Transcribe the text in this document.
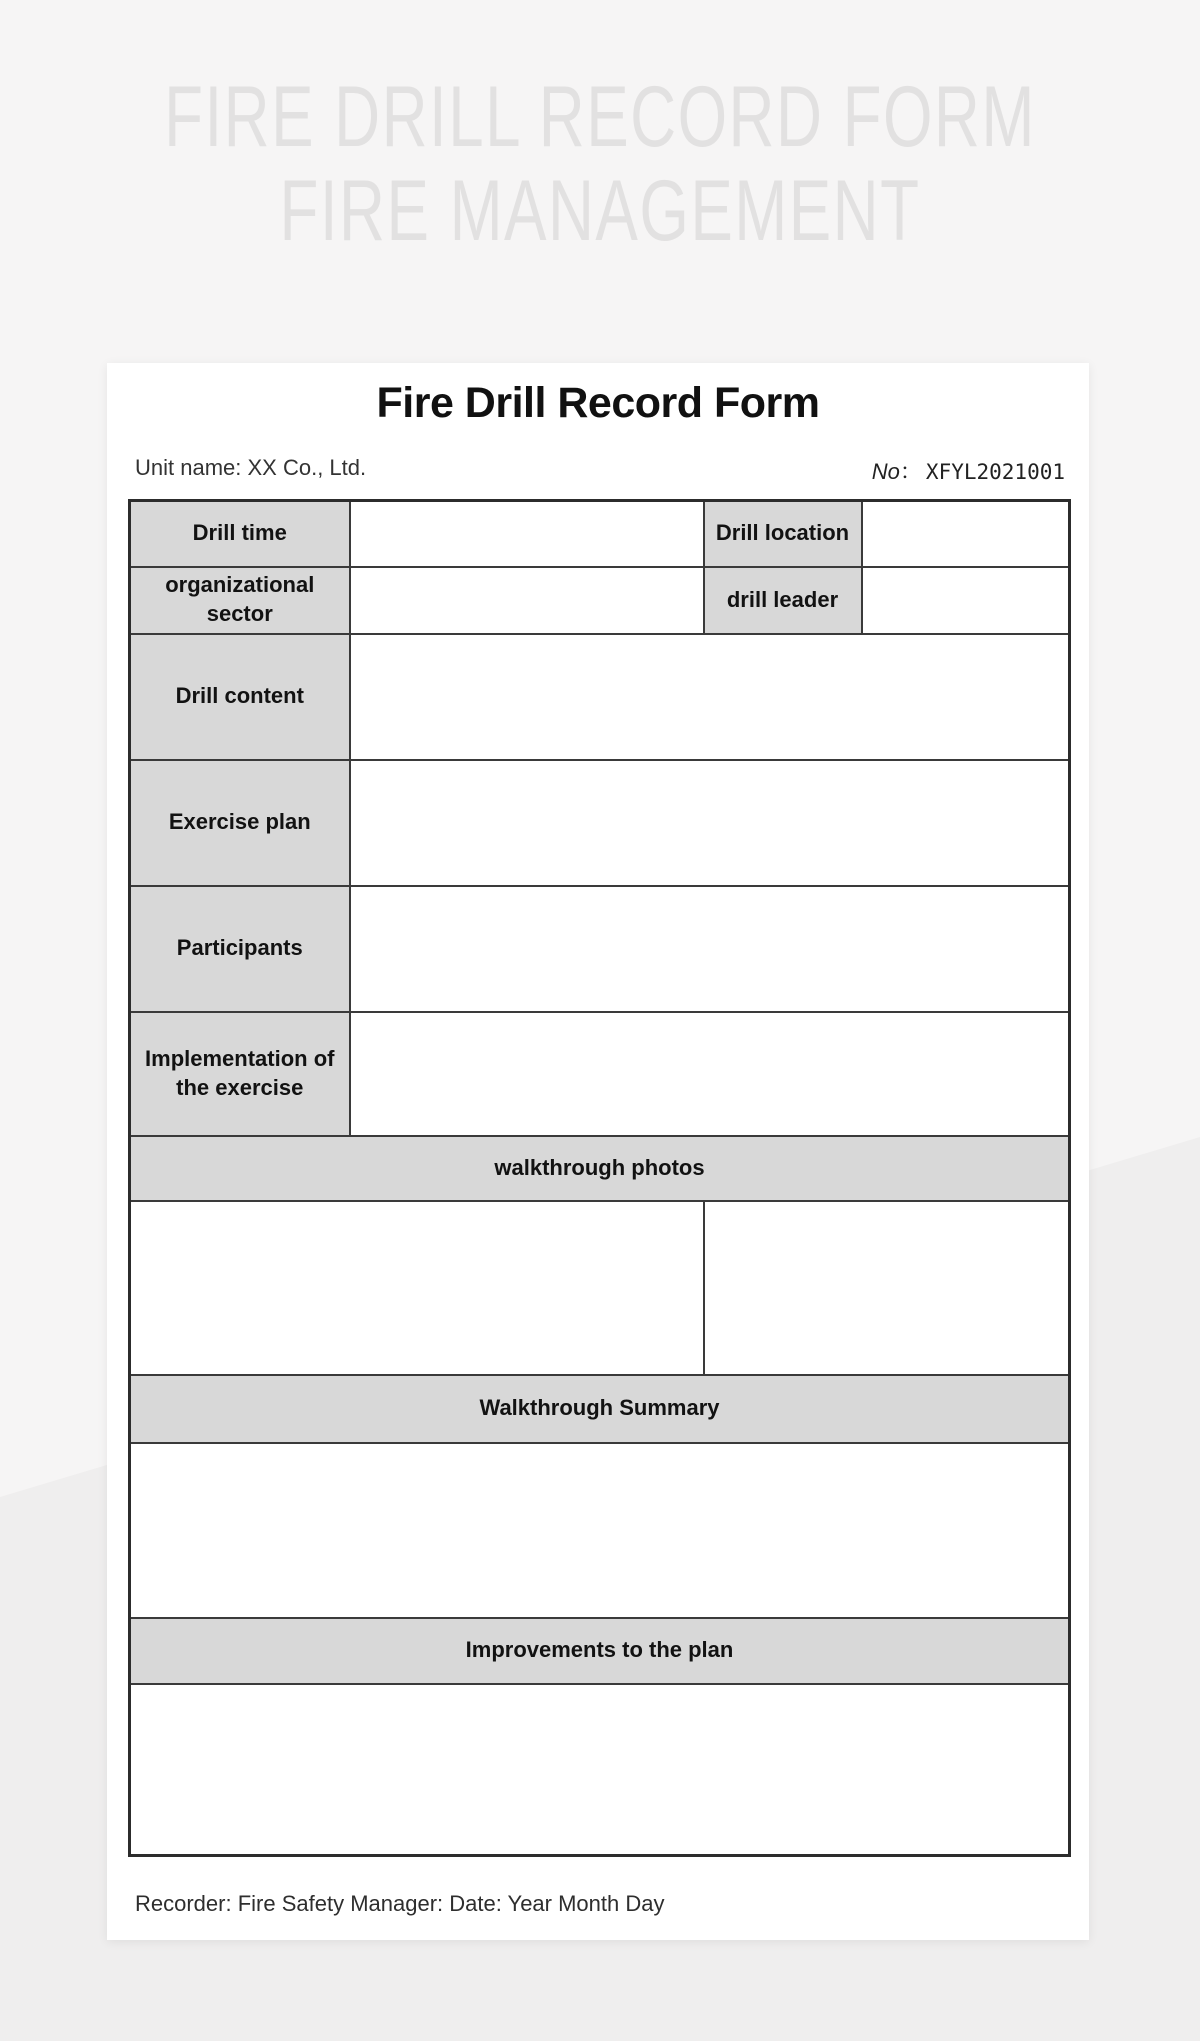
FIRE DRILL RECORD FORM
FIRE MANAGEMENT
Fire Drill Record Form
Unit name: XX Co., Ltd.	No： XFYL2021001
Drill time		Drill location	
organizational sector		drill leader	
Drill content			
Exercise plan			
Participants			
Implementation of the exercise			
walkthrough photos			

Walkthrough Summary			

Improvements to the plan			

Recorder: Fire Safety Manager: Date: Year Month Day
